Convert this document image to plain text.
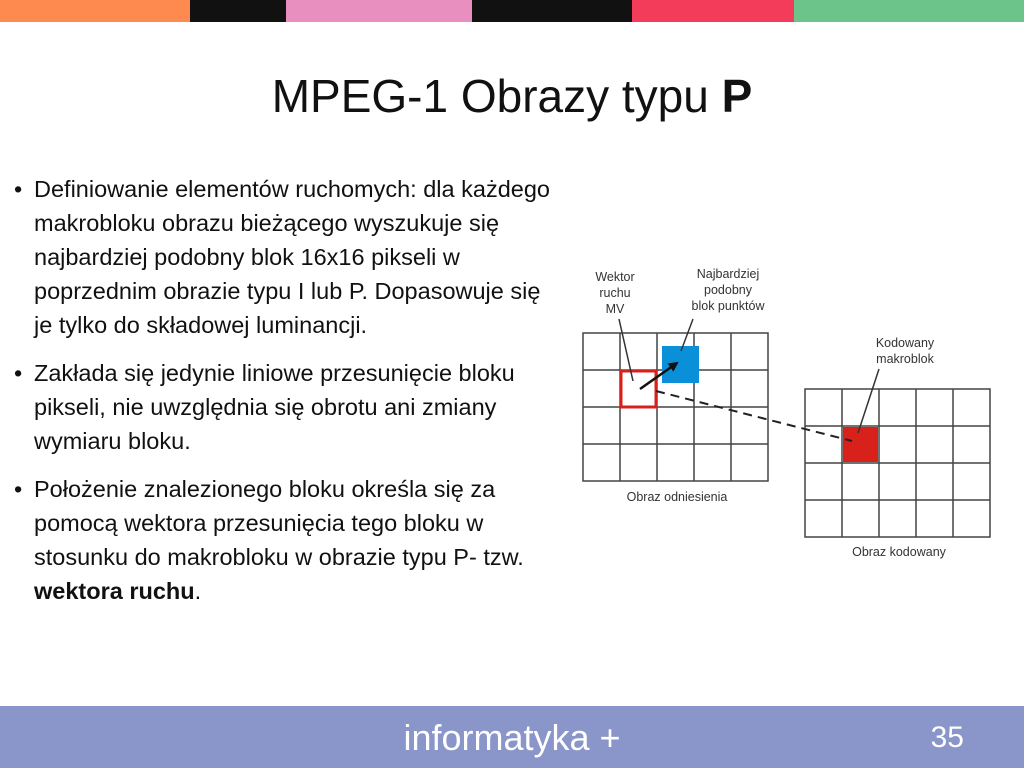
MPEG-1 Obrazy typu P
• Definiowanie elementów ruchomych: dla każdego makrobloku obrazu bieżącego wyszukuje się najbardziej podobny blok 16x16 pikseli w poprzednim obrazie typu I lub P. Dopasowuje się je tylko do składowej luminancji.
• Zakłada się jedynie liniowe przesunięcie bloku pikseli, nie uwzględnia się obrotu ani zmiany wymiaru bloku.
• Położenie znalezionego bloku określa się za pomocą wektora przesunięcia tego bloku w stosunku do makrobloku w obrazie typu P- tzw. wektora ruchu.
Wektor
ruchu
MV
Najbardziej
podobny
blok punktów
Kodowany
makroblok
Obraz odniesienia
Obraz kodowany
informatyka +	35
